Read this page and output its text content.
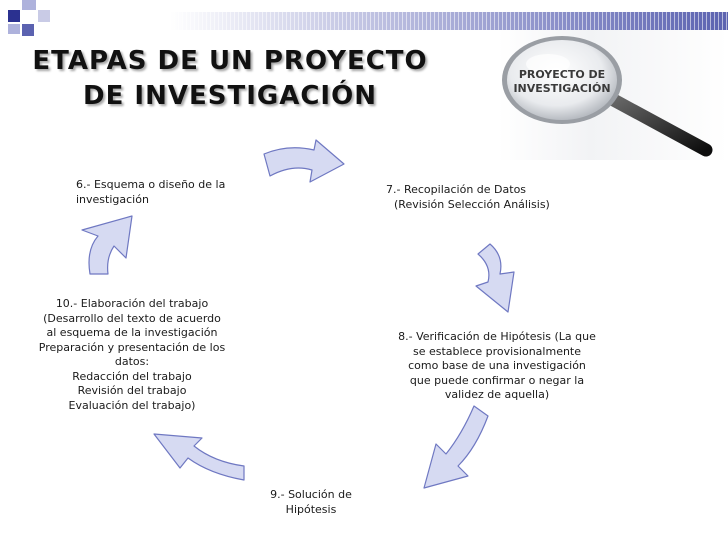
ETAPAS DE UN PROYECTO
DE INVESTIGACIÓN
PROYECTO DE
INVESTIGACIÓN
6.- Esquema o diseño de la
investigación
7.- Recopilación de Datos
(Revisión Selección Análisis)
8.- Verificación de Hipótesis (La que
se establece provisionalmente
como base de una investigación
que puede confirmar o negar la
validez de aquella)
9.- Solución de
Hipótesis
10.- Elaboración del trabajo
(Desarrollo del texto de acuerdo
al esquema de la investigación
Preparación y presentación de los
datos:
Redacción del trabajo
Revisión del trabajo
Evaluación del trabajo)
